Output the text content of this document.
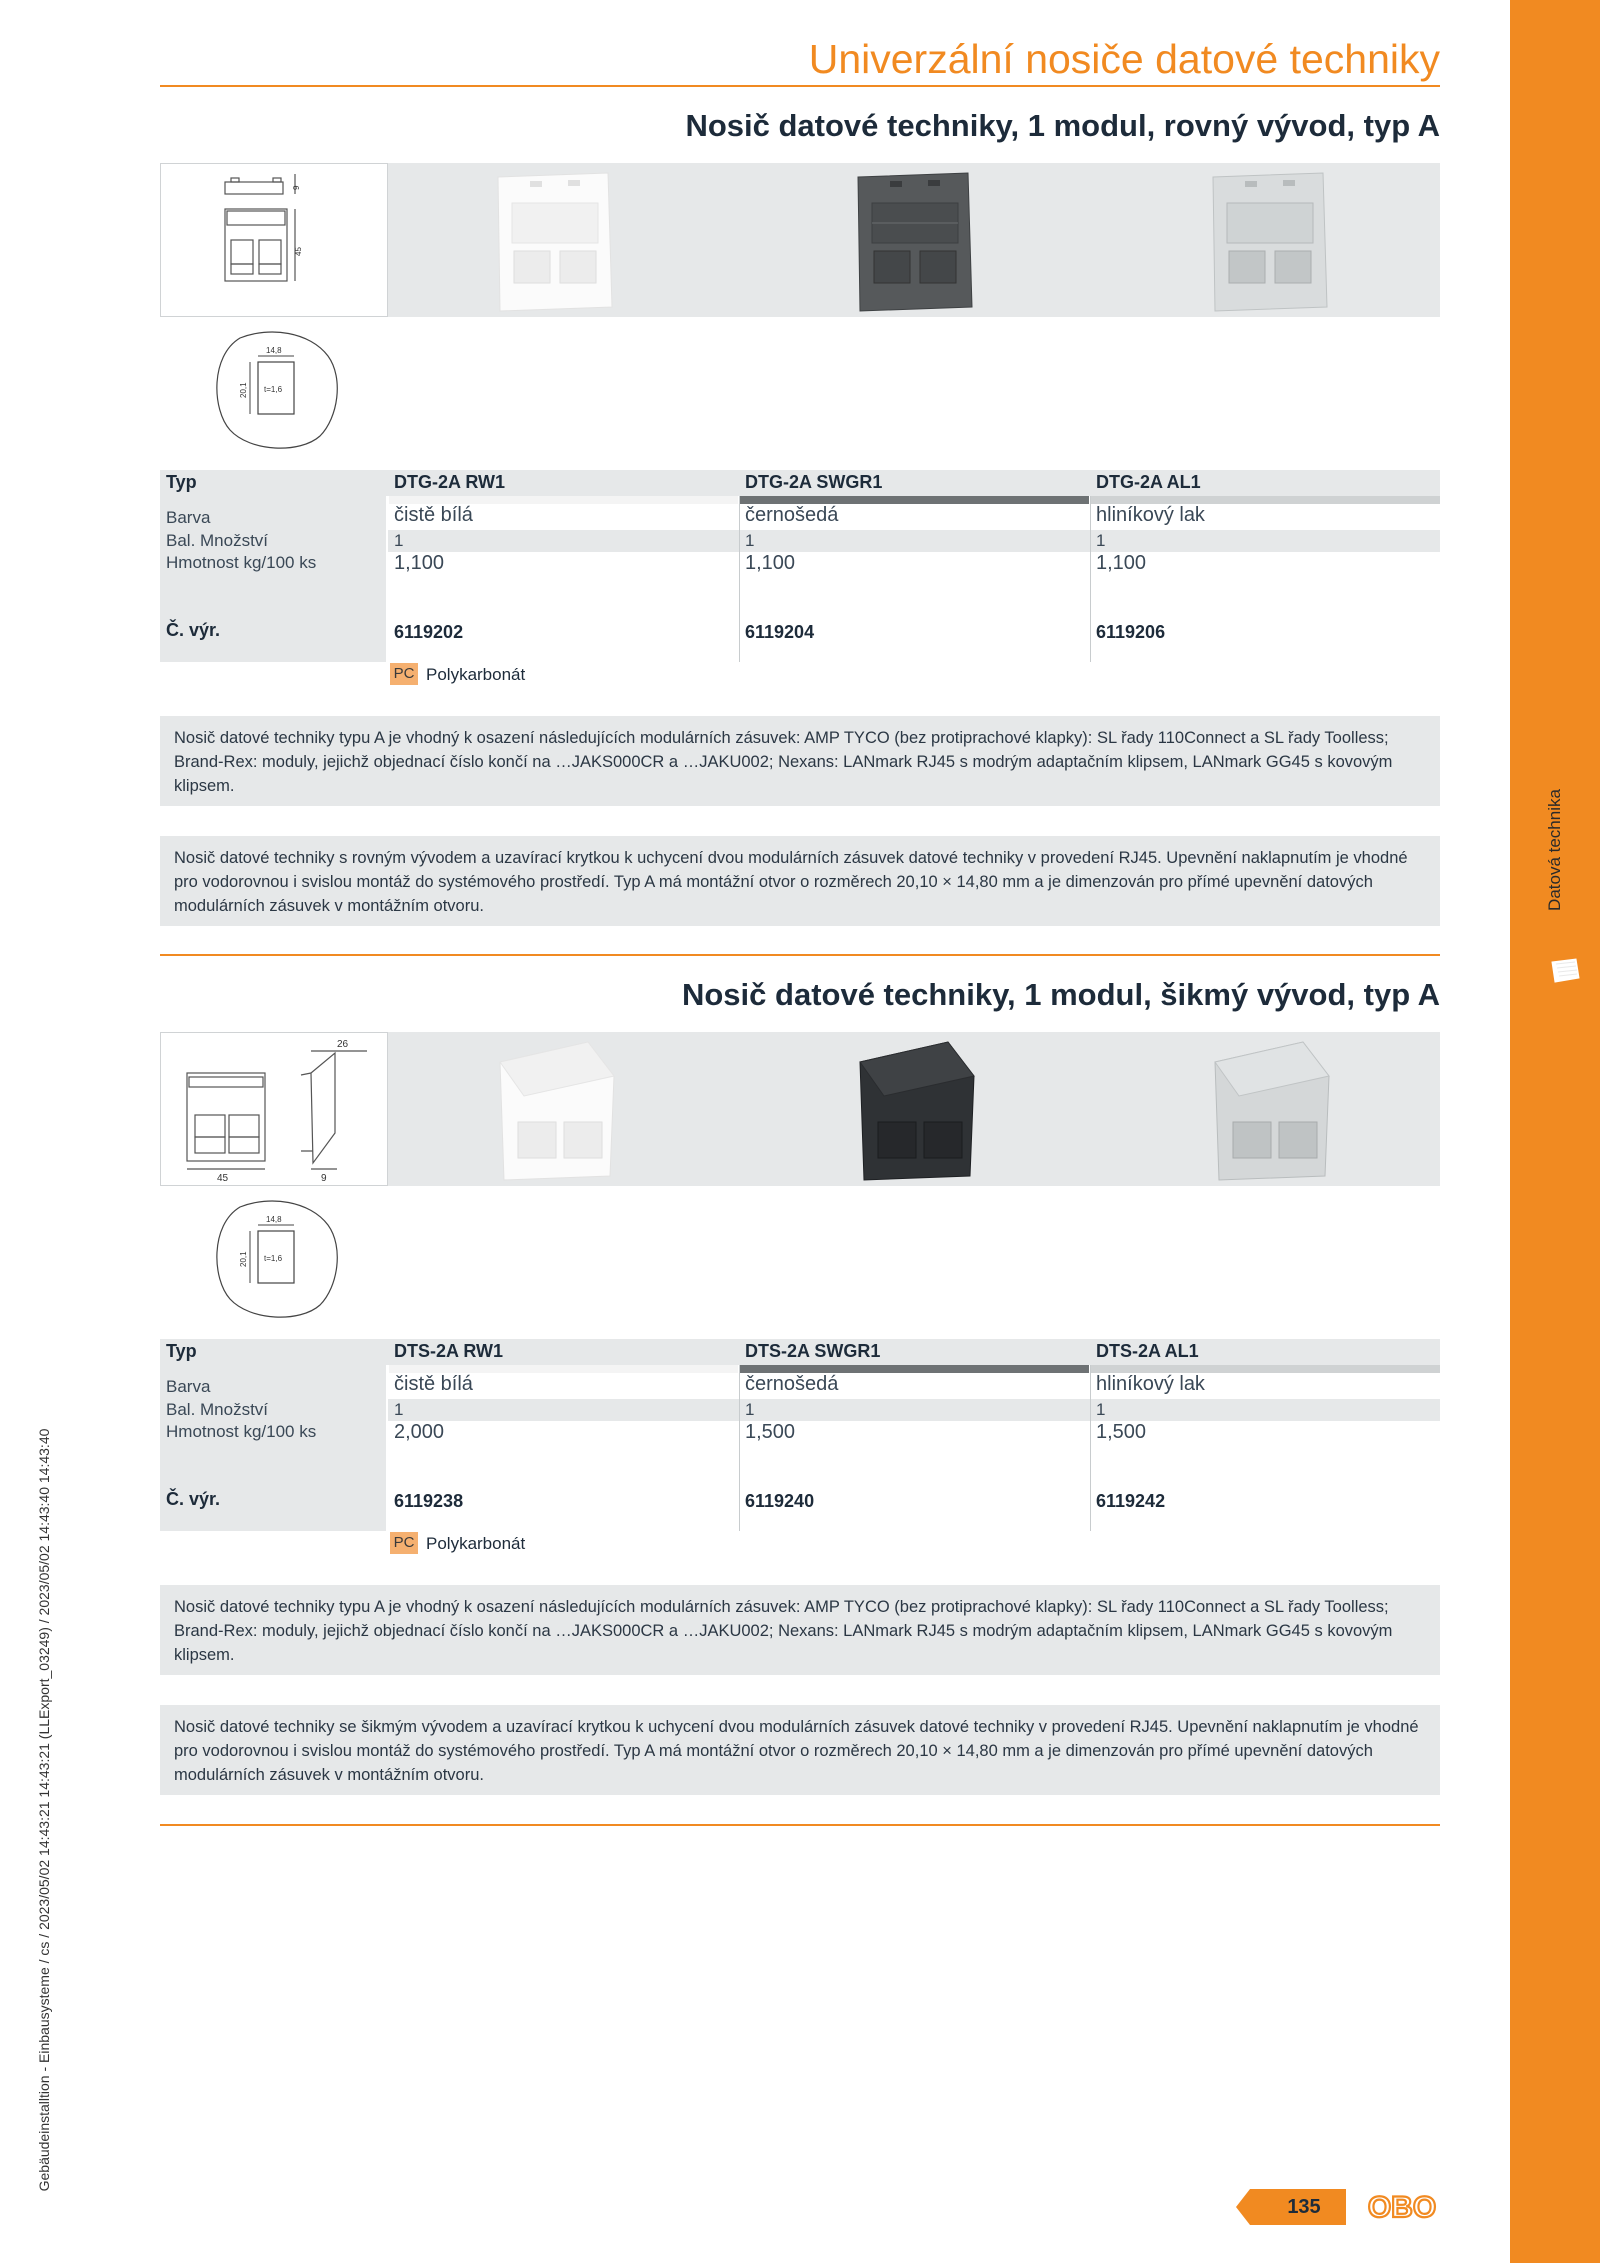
Datová technika
Gebäudeinstalltion - Einbausysteme / cs / 2023/05/02 14:43:21 14:43:21 (LLExport_03249) / 2023/05/02 14:43:40 14:43:40
Univerzální nosiče datové techniky
Nosič datové techniky, 1 modul, rovný vývod, typ A
9
45
14,8
20,1 t=1,6
Typ	DTG-2A RW1	DTG-2A SWGR1	DTG-2A AL1
Barva	čistě bílá	černošedá	hliníkový lak
Bal. Množství	1	1	1
Hmotnost kg/100 ks	1,100	1,100	1,100
Č. výr.	6119202	6119204	6119206
PC Polykarbonát
Nosič datové techniky typu A je vhodný k osazení následujících modulárních zásuvek: AMP TYCO (bez protiprachové klapky): SL řady 110Connect a SL řady Toolless; Brand-Rex: moduly, jejichž objednací číslo končí na …JAKS000CR a …JAKU002; Nexans: LANmark RJ45 s modrým adaptačním klipsem, LANmark GG45 s kovovým klipsem.
Nosič datové techniky s rovným vývodem a uzavírací krytkou k uchycení dvou modulárních zásuvek datové techniky v provedení RJ45. Upevnění naklapnutím je vhodné pro vodorovnou i svislou montáž do systémového prostředí. Typ A má montážní otvor o rozměrech 20,10 × 14,80 mm a je dimenzován pro přímé upevnění datových modulárních zásuvek v montážním otvoru.
Nosič datové techniky, 1 modul, šikmý vývod, typ A
26
45	9
14,8
20,1 t=1,6
Typ	DTS-2A RW1	DTS-2A SWGR1	DTS-2A AL1
Barva	čistě bílá	černošedá	hliníkový lak
Bal. Množství	1	1	1
Hmotnost kg/100 ks	2,000	1,500	1,500
Č. výr.	6119238	6119240	6119242
PC Polykarbonát
Nosič datové techniky typu A je vhodný k osazení následujících modulárních zásuvek: AMP TYCO (bez protiprachové klapky): SL řady 110Connect a SL řady Toolless; Brand-Rex: moduly, jejichž objednací číslo končí na …JAKS000CR a …JAKU002; Nexans: LANmark RJ45 s modrým adaptačním klipsem, LANmark GG45 s kovovým klipsem.
Nosič datové techniky se šikmým vývodem a uzavírací krytkou k uchycení dvou modulárních zásuvek datové techniky v provedení RJ45. Upevnění naklapnutím je vhodné pro vodorovnou i svislou montáž do systémového prostředí. Typ A má montážní otvor o rozměrech 20,10 × 14,80 mm a je dimenzován pro přímé upevnění datových modulárních zásuvek v montážním otvoru.
135	OBO
